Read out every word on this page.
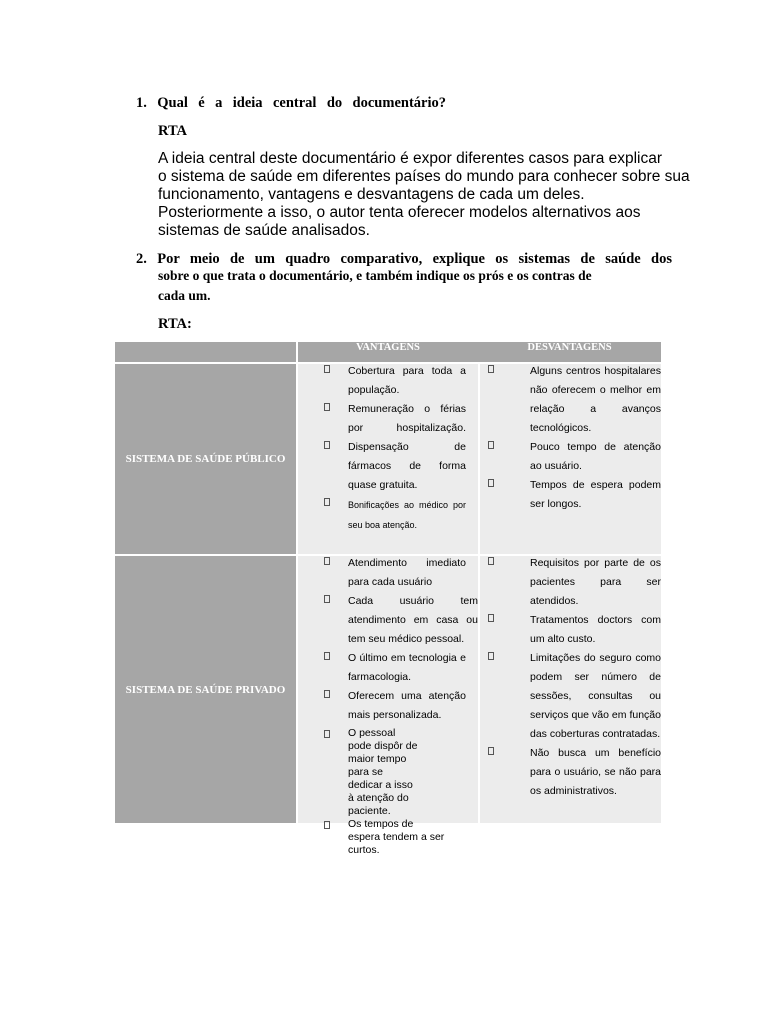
1. Qual é a ideia central do documentário?
RTA
A ideia central deste documentário é expor diferentes casos para explicar
o sistema de saúde em diferentes países do mundo para conhecer sobre sua
funcionamento, vantagens e desvantagens de cada um deles.
Posteriormente a isso, o autor tenta oferecer modelos alternativos aos
sistemas de saúde analisados.
2. Por meio de um quadro comparativo, explique os sistemas de saúde dos
sobre o que trata o documentário, e também indique os prós e os contras de
cada um.
RTA:
VANTAGENS	DESVANTAGENS
SISTEMA DE SAÚDE PÚBLICO
Cobertura para toda a população.
Remuneração o férias por hospitalização.
Dispensação de fármacos de forma quase gratuita.
Bonificações ao médico por seu boa atenção.
Alguns centros hospitalares não oferecem o melhor em relação a avanços tecnológicos.
Pouco tempo de atenção ao usuário.
Tempos de espera podem ser longos.
SISTEMA DE SAÚDE PRIVADO
Atendimento imediato para cada usuário
Cada usuário tem atendimento em casa ou tem seu médico pessoal.
O último em tecnologia e farmacologia.
Oferecem uma atenção mais personalizada.
O pessoal pode dispôr de maior tempo para se dedicar a isso à atenção do paciente.
Os tempos de espera tendem a ser curtos.
Requisitos por parte de os pacientes para ser atendidos.
Tratamentos doctors com um alto custo.
Limitações do seguro como podem ser número de sessões, consultas ou serviços que vão em função das coberturas contratadas.
Não busca um benefício para o usuário, se não para os administrativos.
